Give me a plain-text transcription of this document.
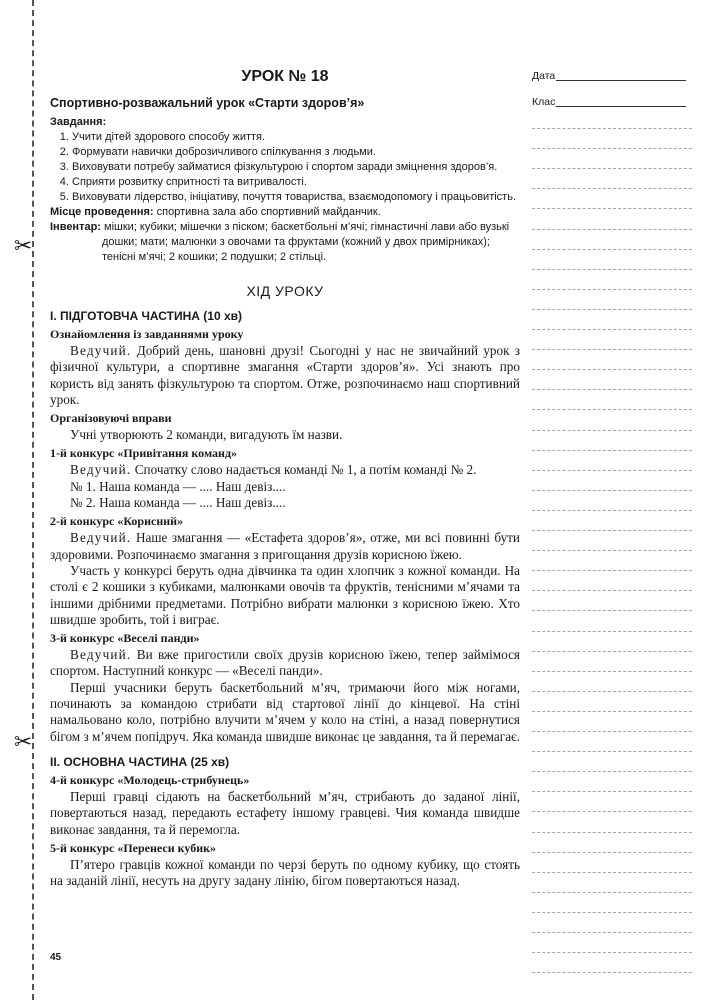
✂
✂
УРОК № 18
Спортивно-розважальний урок «Старти здоров’я»
Завдання:
1. Учити дітей здорового способу життя.
2. Формувати навички доброзичливого спілкування з людьми.
3. Виховувати потребу займатися фізкультурою і спортом заради зміцнення здоров’я.
4. Сприяти розвитку спритності та витривалості.
5. Виховувати лідерство, ініціативу, почуття товариства, взаємодопомогу і працьовитість.
Місце проведення: спортивна зала або спортивний майданчик.
Інвентар: мішки; кубики; мішечки з піском; баскетбольні м’ячі; гімнастичні лави або вузькі дошки; мати; малюнки з овочами та фруктами (кожний у двох примірниках); тенісні м’ячі; 2 кошики; 2 подушки; 2 стільці.
ХІД УРОКУ
І. ПІДГОТОВЧА ЧАСТИНА (10 хв)
Ознайомлення із завданнями уроку

Ведучий. Добрий день, шановні друзі! Сьогодні у нас не звичайний урок з фізичної культури, а спортивне змагання «Старти здоров’я». Усі знають про користь від занять фізкультурою та спортом. Отже, розпочинаємо наш спортивний урок.

Організовуючі вправи

Учні утворюють 2 команди, вигадують їм назви.

1-й конкурс «Привітання команд»

Ведучий. Спочатку слово надається команді № 1, а потім команді № 2.

№ 1. Наша команда — .... Наш девіз....

№ 2. Наша команда — .... Наш девіз....

2-й конкурс «Корисний»

Ведучий. Наше змагання — «Естафета здоров’я», отже, ми всі повинні бути здоровими. Розпочинаємо змагання з пригощання друзів корисною їжею.

Участь у конкурсі беруть одна дівчинка та один хлопчик з кожної команди. На столі є 2 кошики з кубиками, малюнками овочів та фруктів, тенісними м’ячами та іншими дрібними предметами. Потрібно вибрати малюнки з корисною їжею. Хто швидше зробить, той і виграє.

3-й конкурс «Веселі панди»

Ведучий. Ви вже пригостили своїх друзів корисною їжею, тепер займімося спортом. Наступний конкурс — «Веселі панди».

Перші учасники беруть баскетбольний м’яч, тримаючи його між ногами, починають за командою стрибати від стартової лінії до кінцевої. На стіні намальовано коло, потрібно влучити м’ячем у коло на стіні, а назад повернутися бігом з м’ячем попідруч. Яка команда швидше виконає це завдання, та й перемагає.

ІІ. ОСНОВНА ЧАСТИНА (25 хв)
4-й конкурс «Молодець-стрибунець»

Перші гравці сідають на баскетбольний м’яч, стрибають до заданої лінії, повертаються назад, передають естафету іншому гравцеві. Чия команда швидше виконає завдання, та й перемогла.

5-й конкурс «Перенеси кубик»

П’ятеро гравців кожної команди по черзі беруть по одному кубику, що стоять на заданій лінії, несуть на другу задану лінію, бігом повертаються назад.

45
Дата
Клас
